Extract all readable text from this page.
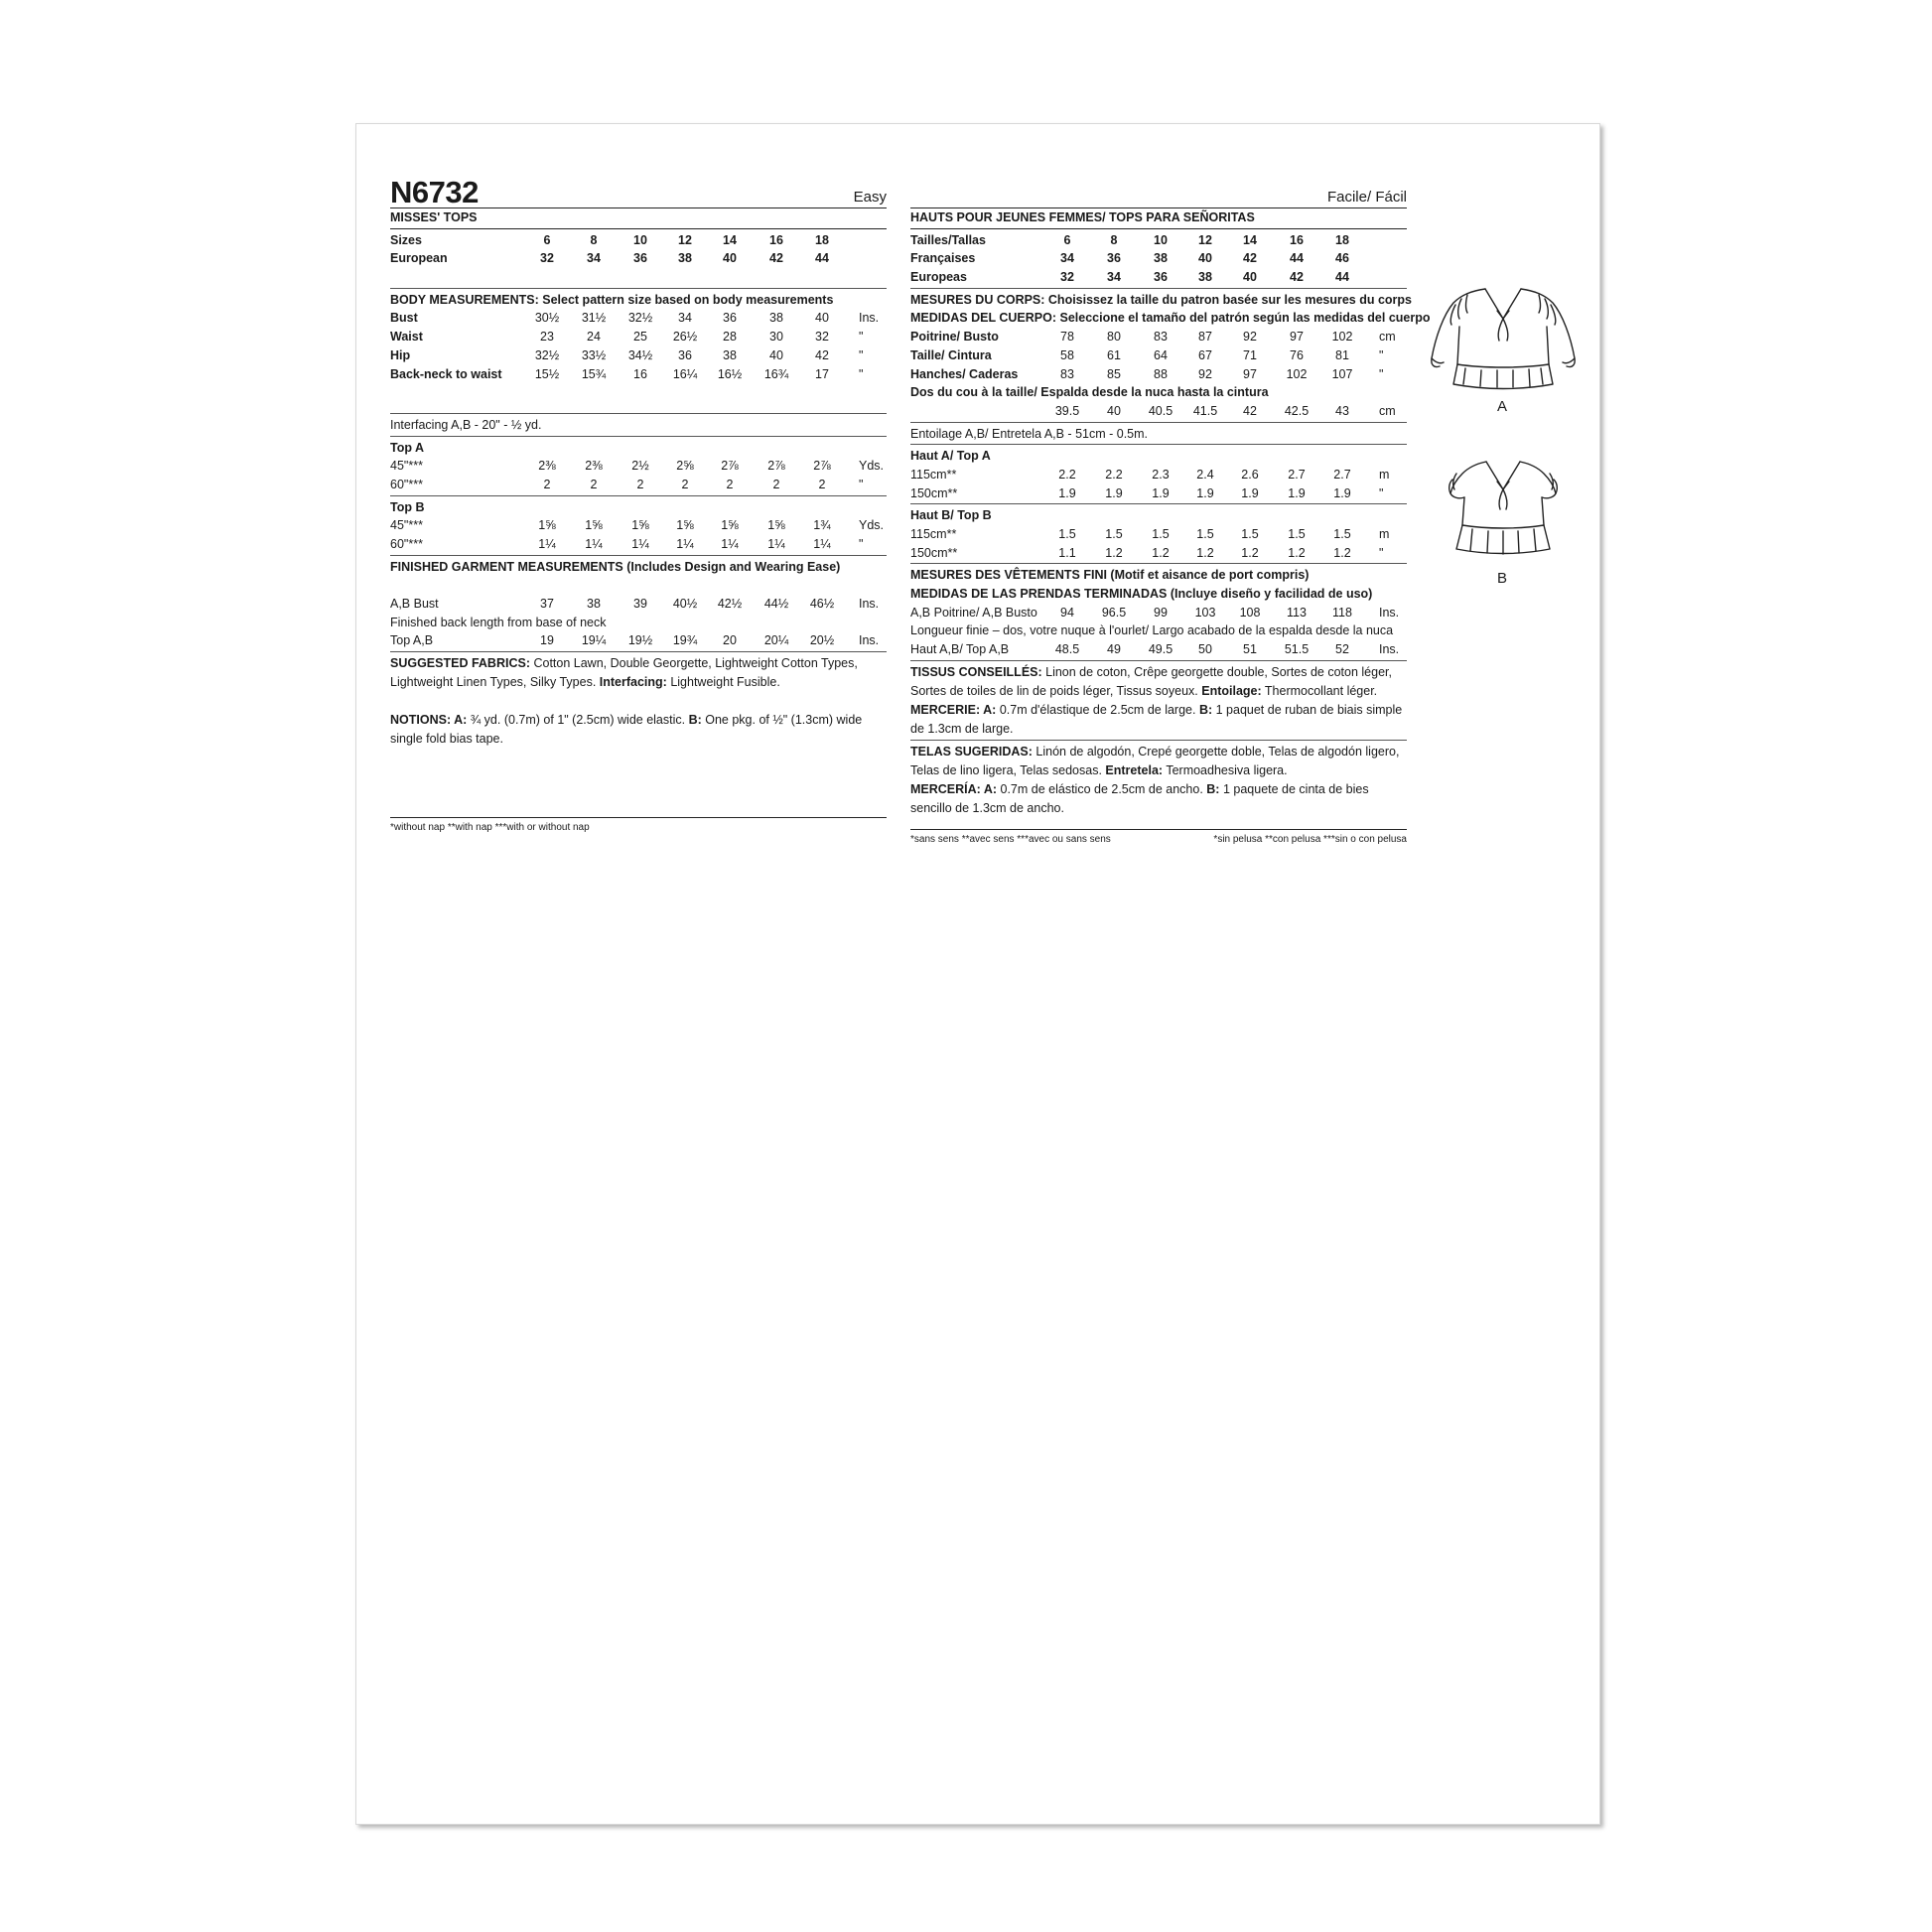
N6732	Easy
MISSES' TOPS
Sizes	6	8	10	12	14	16	18
European	32	34	36	38	40	42	44
BODY MEASUREMENTS: Select pattern size based on body measurements
Bust	30½	31½	32½	34	36	38	40	Ins.
Waist	23	24	25	26½	28	30	32	"
Hip	32½	33½	34½	36	38	40	42	"
Back-neck to waist	15½	15¾	16	16¼	16½	16¾	17	"
Interfacing A,B - 20" - ½ yd.
Top A
45"***	2⅜	2⅜	2½	2⅝	2⅞	2⅞	2⅞	Yds.
60"***	2	2	2	2	2	2	2	"
Top B
45"***	1⅝	1⅝	1⅝	1⅝	1⅝	1⅝	1¾	Yds.
60"***	1¼	1¼	1¼	1¼	1¼	1¼	1¼	"
FINISHED GARMENT MEASUREMENTS (Includes Design and Wearing Ease)
A,B Bust	37	38	39	40½	42½	44½	46½	Ins.
Finished back length from base of neck
Top A,B	19	19¼	19½	19¾	20	20¼	20½	Ins.
SUGGESTED FABRICS: Cotton Lawn, Double Georgette, Lightweight Cotton Types, Lightweight Linen Types, Silky Types. Interfacing: Lightweight Fusible.
NOTIONS: A: ¾ yd. (0.7m) of 1" (2.5cm) wide elastic. B: One pkg. of ½" (1.3cm) wide single fold bias tape.
*without nap **with nap ***with or without nap
Facile/ Fácil
HAUTS POUR JEUNES FEMMES/ TOPS PARA SEÑORITAS
Tailles/Tallas	6	8	10	12	14	16	18
Françaises	34	36	38	40	42	44	46
Europeas	32	34	36	38	40	42	44
MESURES DU CORPS: Choisissez la taille du patron basée sur les mesures du corps
MEDIDAS DEL CUERPO: Seleccione el tamaño del patrón según las medidas del cuerpo
Poitrine/ Busto	78	80	83	87	92	97	102	cm
Taille/ Cintura	58	61	64	67	71	76	81	"
Hanches/ Caderas	83	85	88	92	97	102	107	"
Dos du cou à la taille/ Espalda desde la nuca hasta la cintura
39.5	40	40.5	41.5	42	42.5	43	cm
Entoilage A,B/ Entretela A,B - 51cm - 0.5m.
Haut A/ Top A
115cm**	2.2	2.2	2.3	2.4	2.6	2.7	2.7	m
150cm**	1.9	1.9	1.9	1.9	1.9	1.9	1.9	"
Haut B/ Top B
115cm**	1.5	1.5	1.5	1.5	1.5	1.5	1.5	m
150cm**	1.1	1.2	1.2	1.2	1.2	1.2	1.2	"
MESURES DES VÊTEMENTS FINI (Motif et aisance de port compris)
MEDIDAS DE LAS PRENDAS TERMINADAS (Incluye diseño y facilidad de uso)
A,B Poitrine/ A,B Busto	94	96.5	99	103	108	113	118	Ins.
Longueur finie – dos, votre nuque à l'ourlet/ Largo acabado de la espalda desde la nuca
Haut A,B/ Top A,B	48.5	49	49.5	50	51	51.5	52	Ins.
TISSUS CONSEILLÉS: Linon de coton, Crêpe georgette double, Sortes de coton léger, Sortes de toiles de lin de poids léger, Tissus soyeux. Entoilage: Thermocollant léger.
MERCERIE: A: 0.7m d'élastique de 2.5cm de large. B: 1 paquet de ruban de biais simple de 1.3cm de large.
TELAS SUGERIDAS: Linón de algodón, Crepé georgette doble, Telas de algodón ligero, Telas de lino ligera, Telas sedosas. Entretela: Termoadhesiva ligera.
MERCERÍA: A: 0.7m de elástico de 2.5cm de ancho. B: 1 paquete de cinta de bies sencillo de 1.3cm de ancho.
*sans sens **avec sens ***avec ou sans sens	*sin pelusa **con pelusa ***sin o con pelusa
A
B
